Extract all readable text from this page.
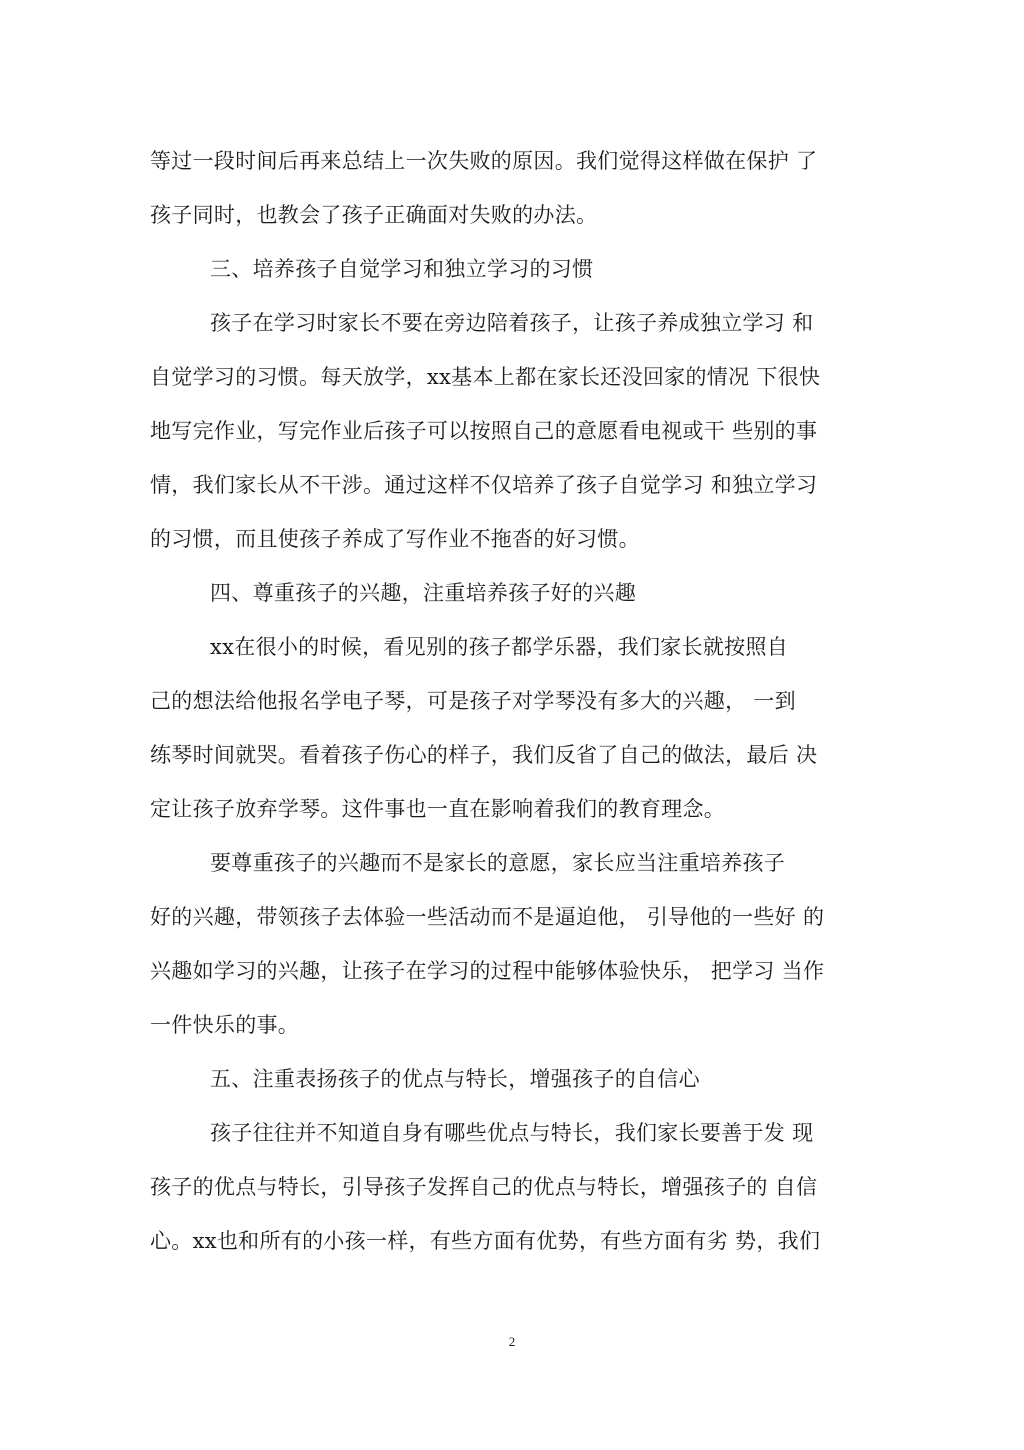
等过一段时间后再来总结上一次失败的原因。我们觉得这样做在保护 了
孩子同时，也教会了孩子正确面对失败的办法。
三、培养孩子自觉学习和独立学习的习惯
孩子在学习时家长不要在旁边陪着孩子，让孩子养成独立学习 和
自觉学习的习惯。每天放学，xx基本上都在家长还没回家的情况 下很快
地写完作业，写完作业后孩子可以按照自己的意愿看电视或干 些别的事
情，我们家长从不干涉。通过这样不仅培养了孩子自觉学习 和独立学习
的习惯，而且使孩子养成了写作业不拖沓的好习惯。
四、尊重孩子的兴趣，注重培养孩子好的兴趣
xx在很小的时候，看见别的孩子都学乐器，我们家长就按照自
己的想法给他报名学电子琴，可是孩子对学琴没有多大的兴趣， 一到
练琴时间就哭。看着孩子伤心的样子，我们反省了自己的做法，最后 决
定让孩子放弃学琴。这件事也一直在影响着我们的教育理念。
要尊重孩子的兴趣而不是家长的意愿，家长应当注重培养孩子
好的兴趣，带领孩子去体验一些活动而不是逼迫他， 引导他的一些好 的
兴趣如学习的兴趣，让孩子在学习的过程中能够体验快乐， 把学习 当作
一件快乐的事。
五、注重表扬孩子的优点与特长，增强孩子的自信心
孩子往往并不知道自身有哪些优点与特长，我们家长要善于发 现
孩子的优点与特长，引导孩子发挥自己的优点与特长，增强孩子的 自信
心。xx也和所有的小孩一样，有些方面有优势，有些方面有劣 势，我们
2
